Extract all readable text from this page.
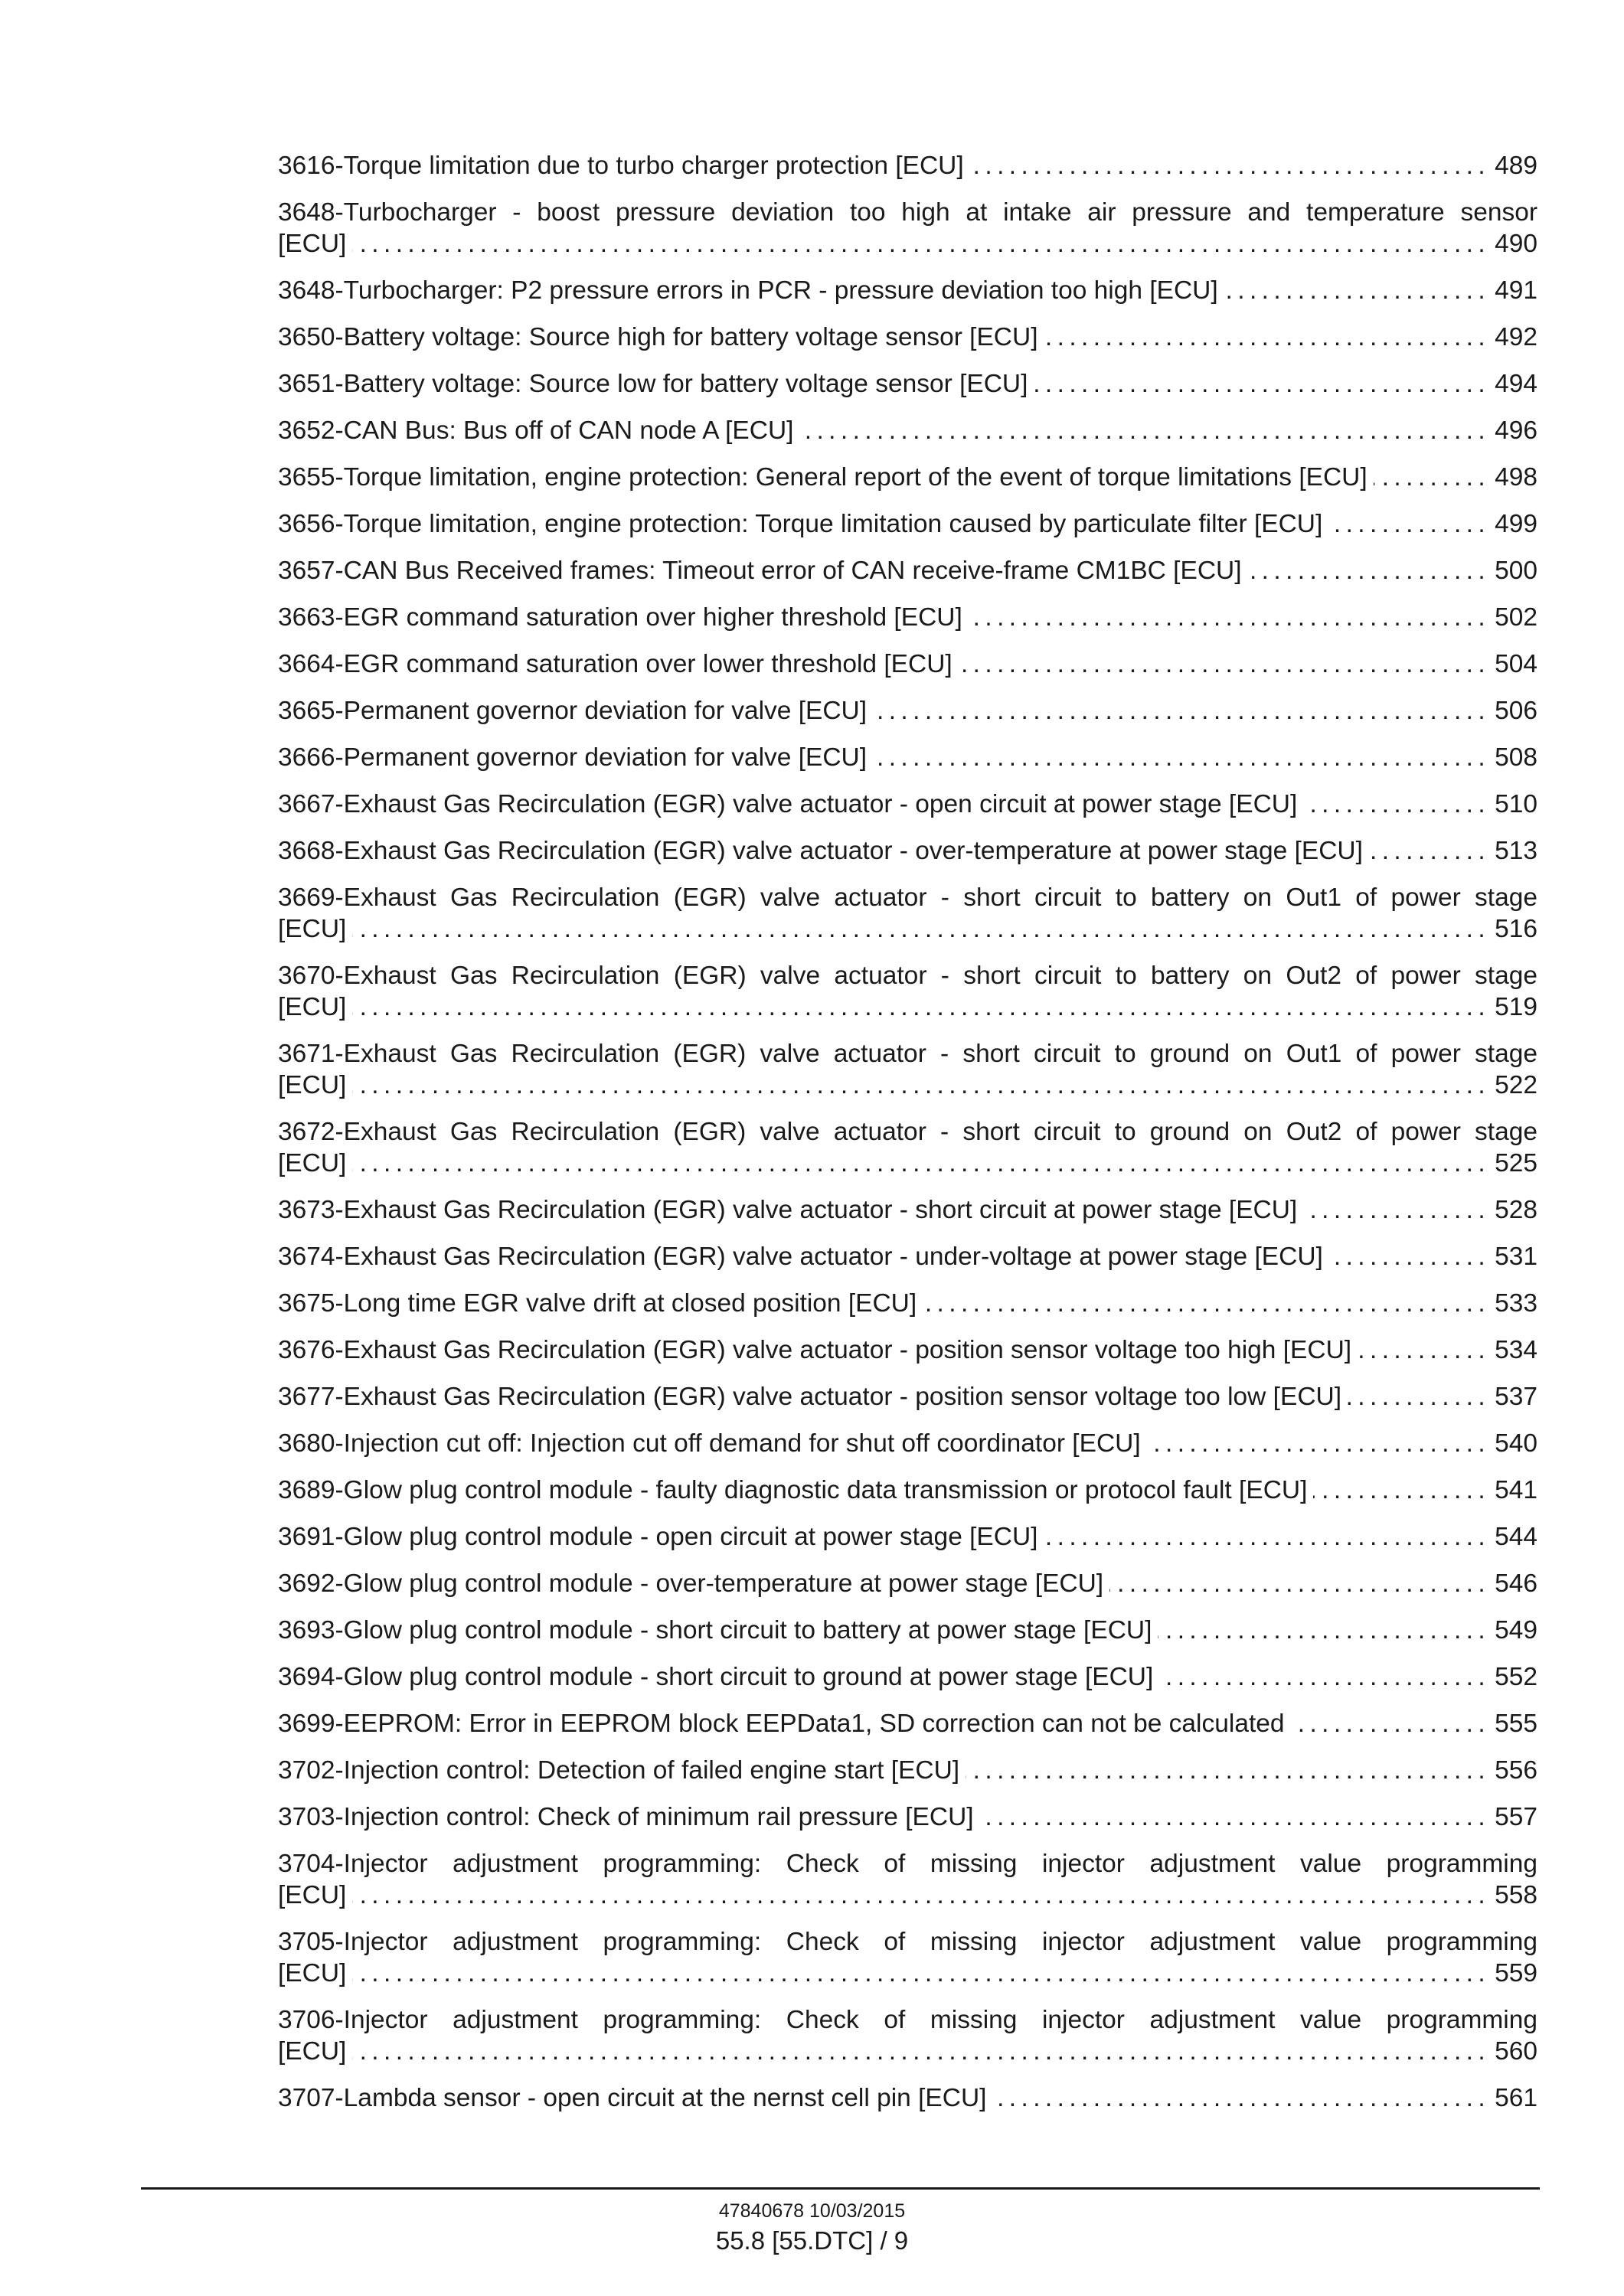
3616-Torque limitation due to turbo charger protection [ECU] .....	489
3648-Turbocharger - boost pressure deviation too high at intake air pressure and temperature sensor
[ECU] .....	490
3648-Turbocharger: P2 pressure errors in PCR - pressure deviation too high [ECU] .....	491
3650-Battery voltage: Source high for battery voltage sensor [ECU] .....	492
3651-Battery voltage: Source low for battery voltage sensor [ECU] .....	494
3652-CAN Bus: Bus off of CAN node A [ECU] .....	496
3655-Torque limitation, engine protection: General report of the event of torque limitations [ECU] .....	498
3656-Torque limitation, engine protection: Torque limitation caused by particulate filter [ECU] .....	499
3657-CAN Bus Received frames: Timeout error of CAN receive-frame CM1BC [ECU] .....	500
3663-EGR command saturation over higher threshold [ECU] .....	502
3664-EGR command saturation over lower threshold [ECU] .....	504
3665-Permanent governor deviation for valve [ECU] .....	506
3666-Permanent governor deviation for valve [ECU] .....	508
3667-Exhaust Gas Recirculation (EGR) valve actuator - open circuit at power stage [ECU] .....	510
3668-Exhaust Gas Recirculation (EGR) valve actuator - over-temperature at power stage [ECU] .....	513
3669-Exhaust Gas Recirculation (EGR) valve actuator - short circuit to battery on Out1 of power stage
[ECU] .....	516
3670-Exhaust Gas Recirculation (EGR) valve actuator - short circuit to battery on Out2 of power stage
[ECU] .....	519
3671-Exhaust Gas Recirculation (EGR) valve actuator - short circuit to ground on Out1 of power stage
[ECU] .....	522
3672-Exhaust Gas Recirculation (EGR) valve actuator - short circuit to ground on Out2 of power stage
[ECU] .....	525
3673-Exhaust Gas Recirculation (EGR) valve actuator - short circuit at power stage [ECU] .....	528
3674-Exhaust Gas Recirculation (EGR) valve actuator - under-voltage at power stage [ECU] .....	531
3675-Long time EGR valve drift at closed position [ECU] .....	533
3676-Exhaust Gas Recirculation (EGR) valve actuator - position sensor voltage too high [ECU] .....	534
3677-Exhaust Gas Recirculation (EGR) valve actuator - position sensor voltage too low [ECU] .....	537
3680-Injection cut off: Injection cut off demand for shut off coordinator [ECU] .....	540
3689-Glow plug control module - faulty diagnostic data transmission or protocol fault [ECU] .....	541
3691-Glow plug control module - open circuit at power stage [ECU] .....	544
3692-Glow plug control module - over-temperature at power stage [ECU] .....	546
3693-Glow plug control module - short circuit to battery at power stage [ECU] .....	549
3694-Glow plug control module - short circuit to ground at power stage [ECU] .....	552
3699-EEPROM: Error in EEPROM block EEPData1, SD correction can not be calculated .....	555
3702-Injection control: Detection of failed engine start [ECU] .....	556
3703-Injection control: Check of minimum rail pressure [ECU] .....	557
3704-Injector adjustment programming: Check of missing injector adjustment value programming
[ECU] .....	558
3705-Injector adjustment programming: Check of missing injector adjustment value programming
[ECU] .....	559
3706-Injector adjustment programming: Check of missing injector adjustment value programming
[ECU] .....	560
3707-Lambda sensor - open circuit at the nernst cell pin [ECU] .....	561
47840678 10/03/2015
55.8 [55.DTC] / 9
